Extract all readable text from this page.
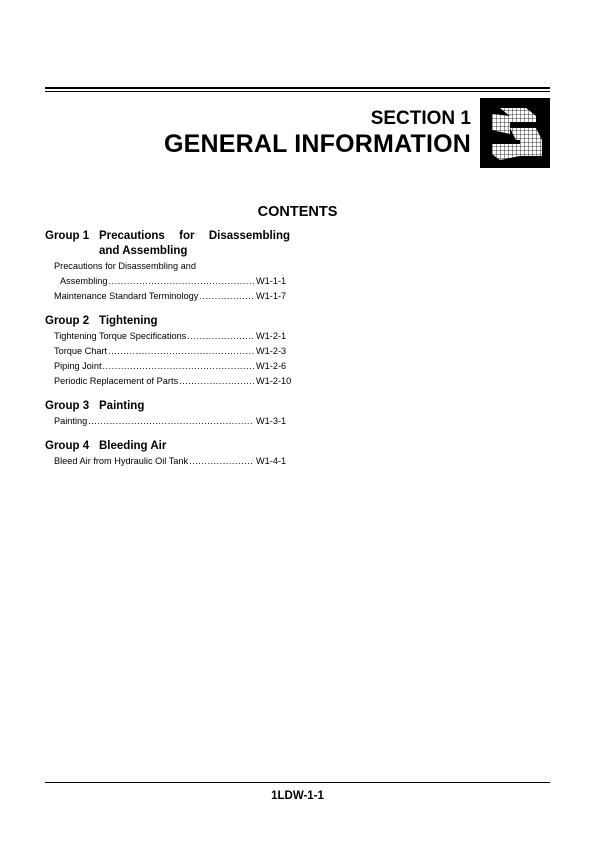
SECTION 1
GENERAL INFORMATION
CONTENTS
Group 1 Precautions for Disassembling
and Assembling
Precautions for Disassembling and
Assembling .....	W1-1-1
Maintenance Standard Terminology .....	W1-1-7
Group 2 Tightening
Tightening Torque Specifications .....	W1-2-1
Torque Chart .....	W1-2-3
Piping Joint .....	W1-2-6
Periodic Replacement of Parts .....	W1-2-10
Group 3 Painting
Painting .....	W1-3-1
Group 4 Bleeding Air
Bleed Air from Hydraulic Oil Tank .....	W1-4-1
1LDW-1-1
